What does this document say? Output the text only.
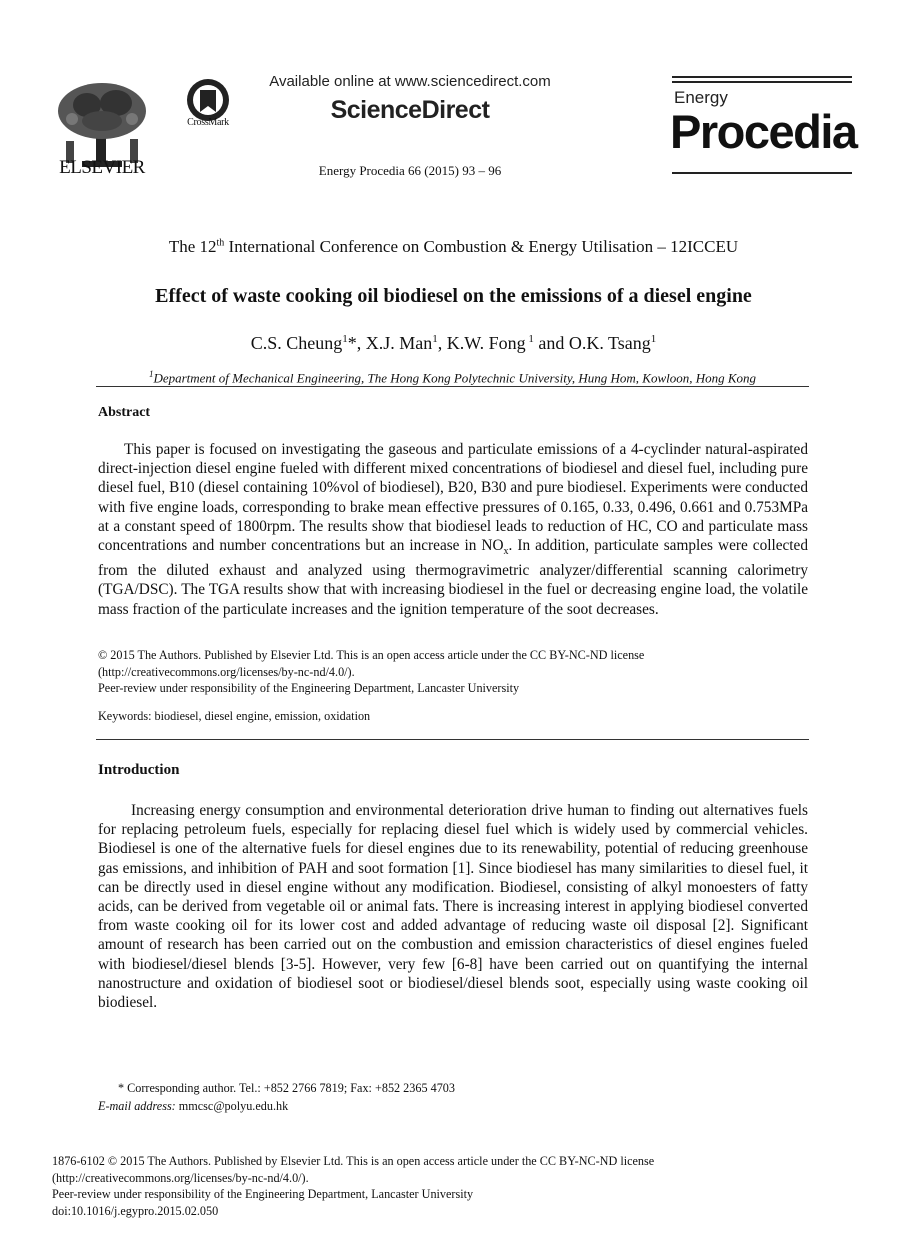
ELSEVIER
CrossMark
Available online at www.sciencedirect.com
ScienceDirect
Energy Procedia 66 (2015) 93 – 96
Energy
Procedia
The 12th International Conference on Combustion & Energy Utilisation – 12ICCEU
Effect of waste cooking oil biodiesel on the emissions of a diesel engine
C.S. Cheung$^1$*, X.J. Man$^1$, K.W. Fong $^1$ and O.K. Tsang$^1$
$^1$Department of Mechanical Engineering, The Hong Kong Polytechnic University, Hung Hom, Kowloon, Hong Kong
Abstract
This paper is focused on investigating the gaseous and particulate emissions of a 4-cyclinder natural-aspirated direct-injection diesel engine fueled with different mixed concentrations of biodiesel and diesel fuel, including pure diesel fuel, B10 (diesel containing 10%vol of biodiesel), B20, B30 and pure biodiesel. Experiments were conducted with five engine loads, corresponding to brake mean effective pressures of 0.165, 0.33, 0.496, 0.661 and 0.753MPa at a constant speed of 1800rpm. The results show that biodiesel leads to reduction of HC, CO and particulate mass concentrations and number concentrations but an increase in $NO_x$. In addition, particulate samples were collected from the diluted exhaust and analyzed using thermogravimetric analyzer/differential scanning calorimetry (TGA/DSC). The TGA results show that with increasing biodiesel in the fuel or decreasing engine load, the volatile mass fraction of the particulate increases and the ignition temperature of the soot decreases.
© 2015 The Authors. Published by Elsevier Ltd. This is an open access article under the CC BY-NC-ND license
(http://creativecommons.org/licenses/by-nc-nd/4.0/).
Peer-review under responsibility of the Engineering Department, Lancaster University
Keywords: biodiesel, diesel engine, emission, oxidation
Introduction
Increasing energy consumption and environmental deterioration drive human to finding out alternatives fuels for replacing petroleum fuels, especially for replacing diesel fuel which is widely used by commercial vehicles. Biodiesel is one of the alternative fuels for diesel engines due to its renewability, potential of reducing greenhouse gas emissions, and inhibition of PAH and soot formation [1]. Since biodiesel has many similarities to diesel fuel, it can be directly used in diesel engine without any modification. Biodiesel, consisting of alkyl monoesters of fatty acids, can be derived from vegetable oil or animal fats. There is increasing interest in applying biodiesel converted from waste cooking oil for its lower cost and added advantage of reducing waste oil disposal [2]. Significant amount of research has been carried out on the combustion and emission characteristics of diesel engines fueled with biodiesel/diesel blends [3-5]. However, very few [6-8] have been carried out on quantifying the internal nanostructure and oxidation of biodiesel soot or biodiesel/diesel blends soot, especially using waste cooking oil biodiesel.
* Corresponding author. Tel.: +852 2766 7819; Fax: +852 2365 4703
E-mail address: mmcsc@polyu.edu.hk
1876-6102 © 2015 The Authors. Published by Elsevier Ltd. This is an open access article under the CC BY-NC-ND license
(http://creativecommons.org/licenses/by-nc-nd/4.0/).
Peer-review under responsibility of the Engineering Department, Lancaster University
doi:10.1016/j.egypro.2015.02.050
